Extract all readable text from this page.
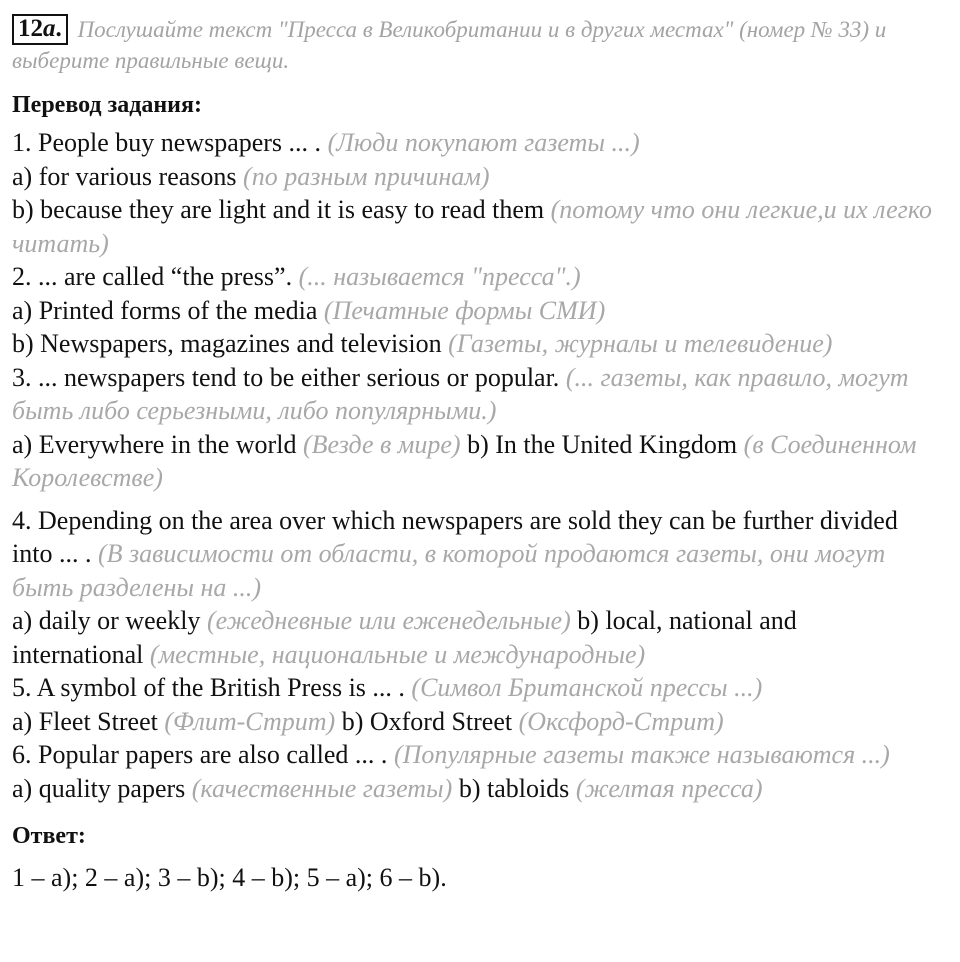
12a. Послушайте текст "Пресса в Великобритании и в других местах" (номер № 33) и выберите правильные вещи.
Перевод задания:
1. People buy newspapers ... . (Люди покупают газеты ...)
a) for various reasons (по разным причинам)
b) because they are light and it is easy to read them (потому что они легкие,и их легко читать)
2. ... are called “the press”. (... называется "пресса".)
a) Printed forms of the media (Печатные формы СМИ)
b) Newspapers, magazines and television (Газеты, журналы и телевидение)
3. ... newspapers tend to be either serious or popular. (... газеты, как правило, могут быть либо серьезными, либо популярными.)
a) Everywhere in the world (Везде в мире) b) In the United Kingdom (в Соединенном Королевстве)
4. Depending on the area over which newspapers are sold they can be further divided into ... . (В зависимости от области, в которой продаются газеты, они могут быть разделены на ...)
a) daily or weekly (ежедневные или еженедельные) b) local, national and international (местные, национальные и международные)
5. A symbol of the British Press is ... . (Символ Британской прессы ...)
a) Fleet Street (Флит-Стрит) b) Oxford Street (Оксфорд-Стрит)
6. Popular papers are also called ... . (Популярные газеты также называются ...)
a) quality papers (качественные газеты) b) tabloids (желтая пресса)
Ответ:
1 – a); 2 – a); 3 – b); 4 – b); 5 – a); 6 – b).
